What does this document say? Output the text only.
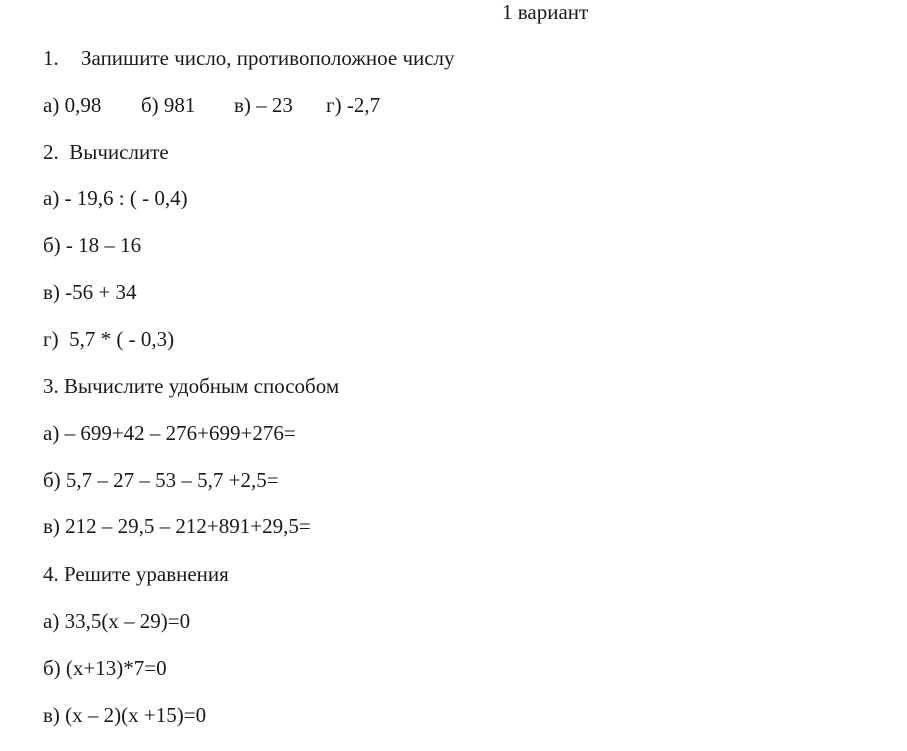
1 вариант
1. Запишите число, противоположное числу
а) 0,98 б) 981 в) – 23 г) -2,7
2.  Вычислите
а) - 19,6 : ( - 0,4)
б) - 18 – 16
в) -56 + 34
г)  5,7 * ( - 0,3)
3. Вычислите удобным способом
а) – 699+42 – 276+699+276=
б) 5,7 – 27 – 53 – 5,7 +2,5=
в) 212 – 29,5 – 212+891+29,5=
4. Решите уравнения
а) 33,5(x – 29)=0
б) (x+13)*7=0
в) (x – 2)(x +15)=0
